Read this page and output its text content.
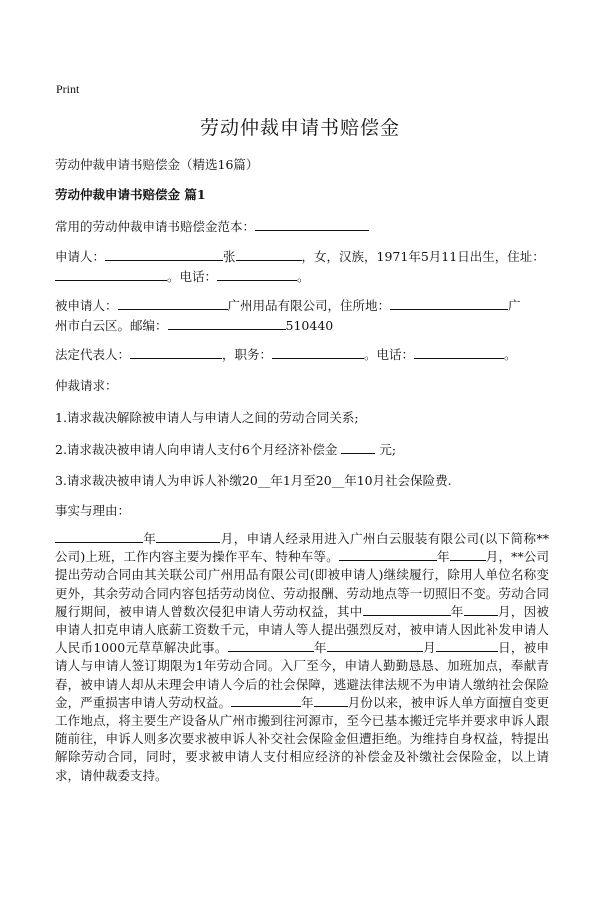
Print
劳动仲裁申请书赔偿金
劳动仲裁申请书赔偿金（精选16篇）
劳动仲裁申请书赔偿金 篇1
常用的劳动仲裁申请书赔偿金范本：
申请人：	张	，女，汉族，1971年5月11日出生，住址：
。电话：	。
被申请人：	广州用品有限公司，住所地：	广
州市白云区。邮编：	510440
法定代表人：	，职务：	。电话：	。
仲裁请求：
1.请求裁决解除被申请人与申请人之间的劳动合同关系;
2.请求裁决被申请人向申请人支付6个月经济补偿金	元;
3.请求裁决被申请人为申诉人补缴20__年1月至20__年10月社会保险费.
事实与理由：
年	月，申请人经录用进入广州白云服装有限公司(以下简称**公司)上班，工作内容主要为操作平车、特种车等。	年	月，**公司提出劳动合同由其关联公司广州用品有限公司(即被申请人)继续履行，除用人单位名称变更外，其余劳动合同内容包括劳动岗位、劳动报酬、劳动地点等一切照旧不变。劳动合同履行期间，被申请人曾数次侵犯申请人劳动权益，其中	年	月，因被申请人扣克申请人底薪工资数千元，申请人等人提出强烈反对，被申请人因此补发申请人人民币1000元草草解决此事。	年	月	日，被申请人与申请人签订期限为1年劳动合同。入厂至今，申请人勤勤恳恳、加班加点，奉献青春，被申请人却从未理会申请人今后的社会保障，逃避法律法规不为申请人缴纳社会保险金，严重损害申请人劳动权益。	年	月份以来，被申诉人单方面擅自变更工作地点，将主要生产设备从广州市搬到往河源市，至今已基本搬迁完毕并要求申诉人跟随前往，申诉人则多次要求被申诉人补交社会保险金但遭拒绝。为维持自身权益，特提出解除劳动合同，同时，要求被申请人支付相应经济的补偿金及补缴社会保险金，以上请求，请仲裁委支持。
